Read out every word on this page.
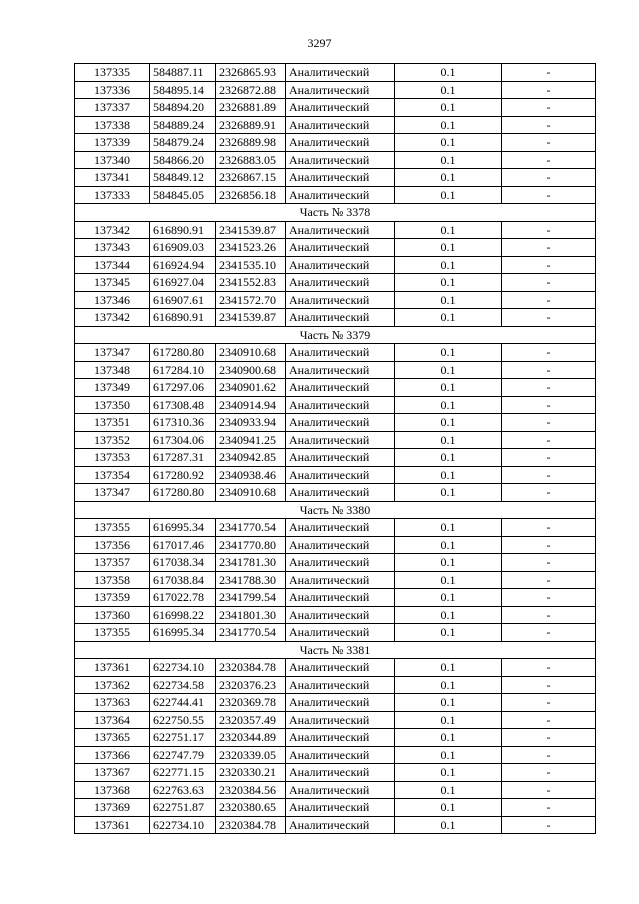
3297
137335	584887.11	2326865.93	Аналитический	0.1	-
137336	584895.14	2326872.88	Аналитический	0.1	-
137337	584894.20	2326881.89	Аналитический	0.1	-
137338	584889.24	2326889.91	Аналитический	0.1	-
137339	584879.24	2326889.98	Аналитический	0.1	-
137340	584866.20	2326883.05	Аналитический	0.1	-
137341	584849.12	2326867.15	Аналитический	0.1	-
137333	584845.05	2326856.18	Аналитический	0.1	-
Часть № 3378					
137342	616890.91	2341539.87	Аналитический	0.1	-
137343	616909.03	2341523.26	Аналитический	0.1	-
137344	616924.94	2341535.10	Аналитический	0.1	-
137345	616927.04	2341552.83	Аналитический	0.1	-
137346	616907.61	2341572.70	Аналитический	0.1	-
137342	616890.91	2341539.87	Аналитический	0.1	-
Часть № 3379					
137347	617280.80	2340910.68	Аналитический	0.1	-
137348	617284.10	2340900.68	Аналитический	0.1	-
137349	617297.06	2340901.62	Аналитический	0.1	-
137350	617308.48	2340914.94	Аналитический	0.1	-
137351	617310.36	2340933.94	Аналитический	0.1	-
137352	617304.06	2340941.25	Аналитический	0.1	-
137353	617287.31	2340942.85	Аналитический	0.1	-
137354	617280.92	2340938.46	Аналитический	0.1	-
137347	617280.80	2340910.68	Аналитический	0.1	-
Часть № 3380					
137355	616995.34	2341770.54	Аналитический	0.1	-
137356	617017.46	2341770.80	Аналитический	0.1	-
137357	617038.34	2341781.30	Аналитический	0.1	-
137358	617038.84	2341788.30	Аналитический	0.1	-
137359	617022.78	2341799.54	Аналитический	0.1	-
137360	616998.22	2341801.30	Аналитический	0.1	-
137355	616995.34	2341770.54	Аналитический	0.1	-
Часть № 3381					
137361	622734.10	2320384.78	Аналитический	0.1	-
137362	622734.58	2320376.23	Аналитический	0.1	-
137363	622744.41	2320369.78	Аналитический	0.1	-
137364	622750.55	2320357.49	Аналитический	0.1	-
137365	622751.17	2320344.89	Аналитический	0.1	-
137366	622747.79	2320339.05	Аналитический	0.1	-
137367	622771.15	2320330.21	Аналитический	0.1	-
137368	622763.63	2320384.56	Аналитический	0.1	-
137369	622751.87	2320380.65	Аналитический	0.1	-
137361	622734.10	2320384.78	Аналитический	0.1	-
